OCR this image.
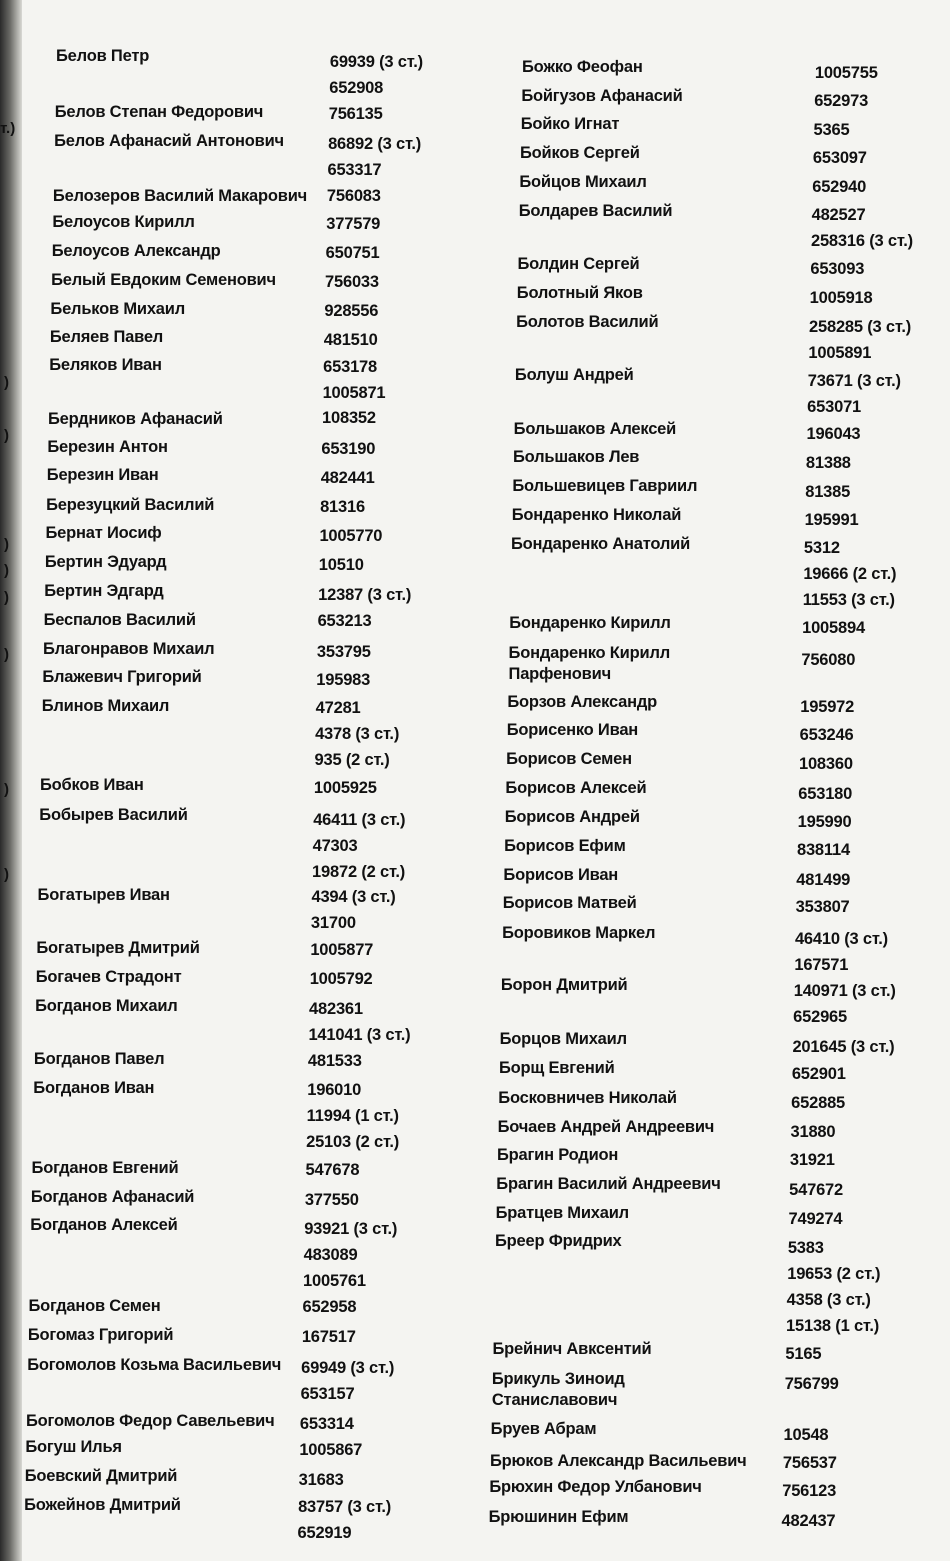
т.)
)
)
)
)
)
)
)
)
Белов Петр	69939 (3 ст.)
652908
Белов Степан Федорович	756135
Белов Афанасий Антонович	86892 (3 ст.)
653317
Белозеров Василий Макарович 756083
Белоусов Кирилл	377579
Белоусов Александр	650751
Белый Евдоким Семенович	756033
Бельков Михаил	928556
Беляев Павел	481510
Беляков Иван	653178
1005871
Бердников Афанасий	108352
Березин Антон	653190
Березин Иван	482441
Березуцкий Василий	81316
Бернат Иосиф	1005770
Бертин Эдуард	10510
Бертин Эдгард	12387 (3 ст.)
Беспалов Василий	653213
Благонравов Михаил	353795
Блажевич Григорий	195983
Блинов Михаил	47281
4378 (3 ст.)
935 (2 ст.)
Бобков Иван	1005925
Бобырев Василий	46411 (3 ст.)
47303
19872 (2 ст.)
Богатырев Иван	4394 (3 ст.)
31700
Богатырев Дмитрий	1005877
Богачев Страдонт	1005792
Богданов Михаил	482361
141041 (3 ст.)
Богданов Павел	481533
Богданов Иван	196010
11994 (1 ст.)
25103 (2 ст.)
Богданов Евгений	547678
Богданов Афанасий	377550
Богданов Алексей	93921 (3 ст.)
483089
1005761
Богданов Семен	652958
Богомаз Григорий	167517
Богомолов Козьма Васильевич 69949 (3 ст.)
653157
Богомолов Федор Савельевич 653314
Богуш Илья	1005867
Боевский Дмитрий	31683
Божейнов Дмитрий	83757 (3 ст.)
652919
Божко Феофан	1005755
Бойгузов Афанасий	652973
Бойко Игнат	5365
Бойков Сергей	653097
Бойцов Михаил	652940
Болдарев Василий	482527
258316 (3 ст.)
Болдин Сергей	653093
Болотный Яков	1005918
Болотов Василий	258285 (3 ст.)
1005891
Болуш Андрей	73671 (3 ст.)
653071
Большаков Алексей	196043
Большаков Лев	81388
Большевицев Гавриил	81385
Бондаренко Николай	195991
Бондаренко Анатолий	5312
19666 (2 ст.)
11553 (3 ст.)
Бондаренко Кирилл	1005894
Бондаренко Кирилл Парфенович
756080
Борзов Александр	195972
Борисенко Иван	653246
Борисов Семен	108360
Борисов Алексей	653180
Борисов Андрей	195990
Борисов Ефим	838114
Борисов Иван	481499
Борисов Матвей	353807
Боровиков Маркел	46410 (3 ст.)
167571
Борон Дмитрий	140971 (3 ст.)
652965
Борцов Михаил	201645 (3 ст.)
Борщ Евгений	652901
Босковничев Николай	652885
Бочаев Андрей Андреевич	31880
Брагин Родион	31921
Брагин Василий Андреевич	547672
Братцев Михаил	749274
Бреер Фридрих	5383
19653 (2 ст.)
4358 (3 ст.)
15138 (1 ст.)
Брейнич Авксентий	5165
Брикуль Зиноид Станиславович
756799
Бруев Абрам	10548
Брюков Александр Васильевич 756537
Брюхин Федор Улбанович	756123
Брюшинин Ефим	482437
